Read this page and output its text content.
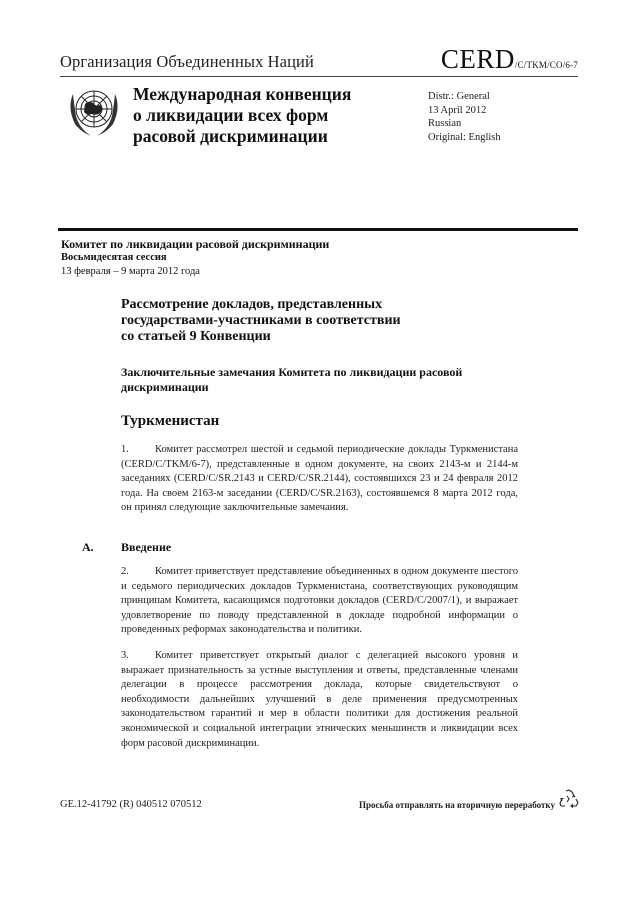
Организация Объединенных Наций	CERD/C/TKM/CO/6-7
Международная конвенция
о ликвидации всех форм
расовой дискриминации
Distr.: General
13 April 2012
Russian
Original: English
Комитет по ликвидации расовой дискриминации
Восьмидесятая сессия
13 февраля – 9 марта 2012 года
Рассмотрение докладов, представленных
государствами-участниками в соответствии
со статьей 9 Конвенции
Заключительные замечания Комитета по ликвидации расовой
дискриминации
Туркменистан
1. Комитет рассмотрел шестой и седьмой периодические доклады Туркменистана (CERD/C/TKM/6-7), представленные в одном документе, на своих 2143-м и 2144-м заседаниях (CERD/C/SR.2143 и CERD/C/SR.2144), состоявшихся 23 и 24 февраля 2012 года. На своем 2163-м заседании (CERD/C/SR.2163), состоявшемся 8 марта 2012 года, он принял следующие заключительные замечания.
A. Введение
2. Комитет приветствует представление объединенных в одном документе шестого и седьмого периодических докладов Туркменистана, соответствующих руководящим принципам Комитета, касающимся подготовки докладов (CERD/C/2007/1), и выражает удовлетворение по поводу представленной в докладе подробной информации о проведенных реформах законодательства и политики.
3. Комитет приветствует открытый диалог с делегацией высокого уровня и выражает признательность за устные выступления и ответы, представленные членами делегации в процессе рассмотрения доклада, которые свидетельствуют о необходимости дальнейших улучшений в деле применения предусмотренных законодательством гарантий и мер в области политики для достижения реальной экономической и социальной интеграции этнических меньшинств и ликвидации всех форм расовой дискриминации.
GE.12-41792 (R) 040512 070512	Просьба отправлять на вторичную переработку
